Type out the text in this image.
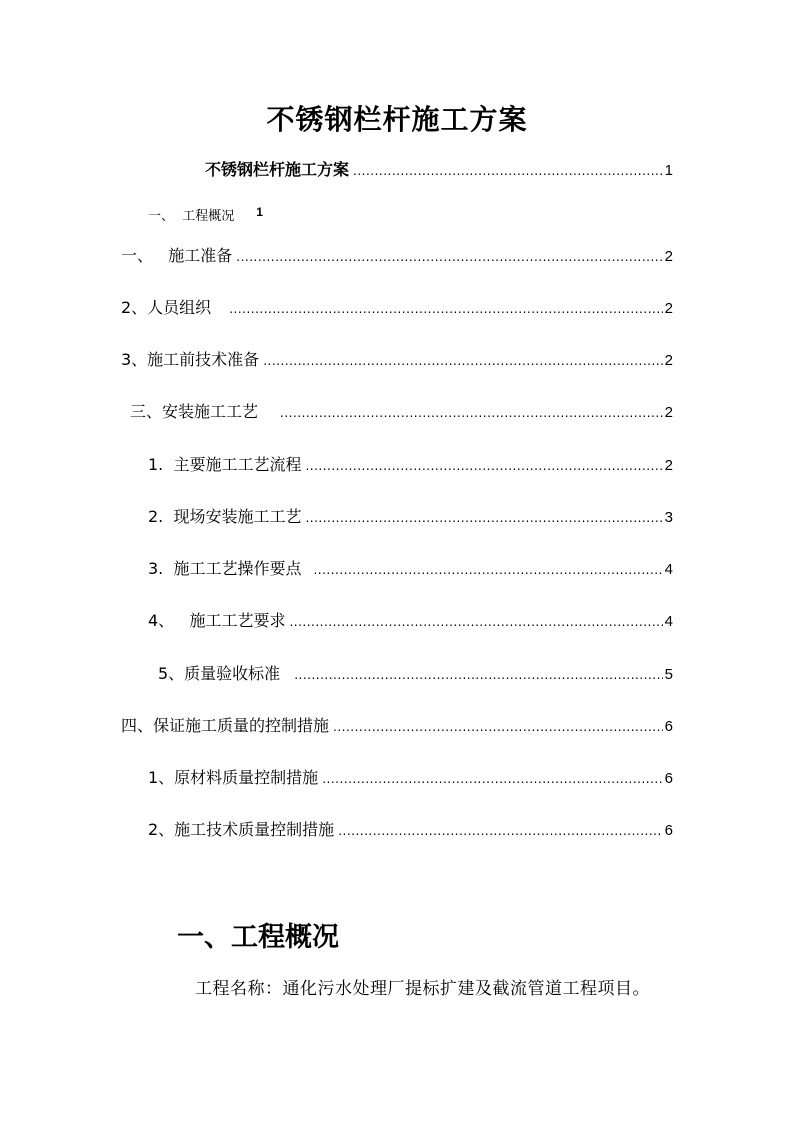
不锈钢栏杆施工方案
不锈钢栏杆施工方案 .....	1
一、  工程概况 1
一、   施工准备 .....	2
2、人员组织 .....	2
3、施工前技术准备 .....	2
三、安装施工工艺 .....	2
1.  主要施工工艺流程 .....	2
2.  现场安装施工工艺 .....	3
3.  施工工艺操作要点 .....	4
4、   施工工艺要求 .....	4
5、质量验收标准 .....	5
四、保证施工质量的控制措施 .....	6
1、原材料质量控制措施 .....	6
2、施工技术质量控制措施 .....	6
一、工程概况
工程名称：通化污水处理厂提标扩建及截流管道工程项目。
